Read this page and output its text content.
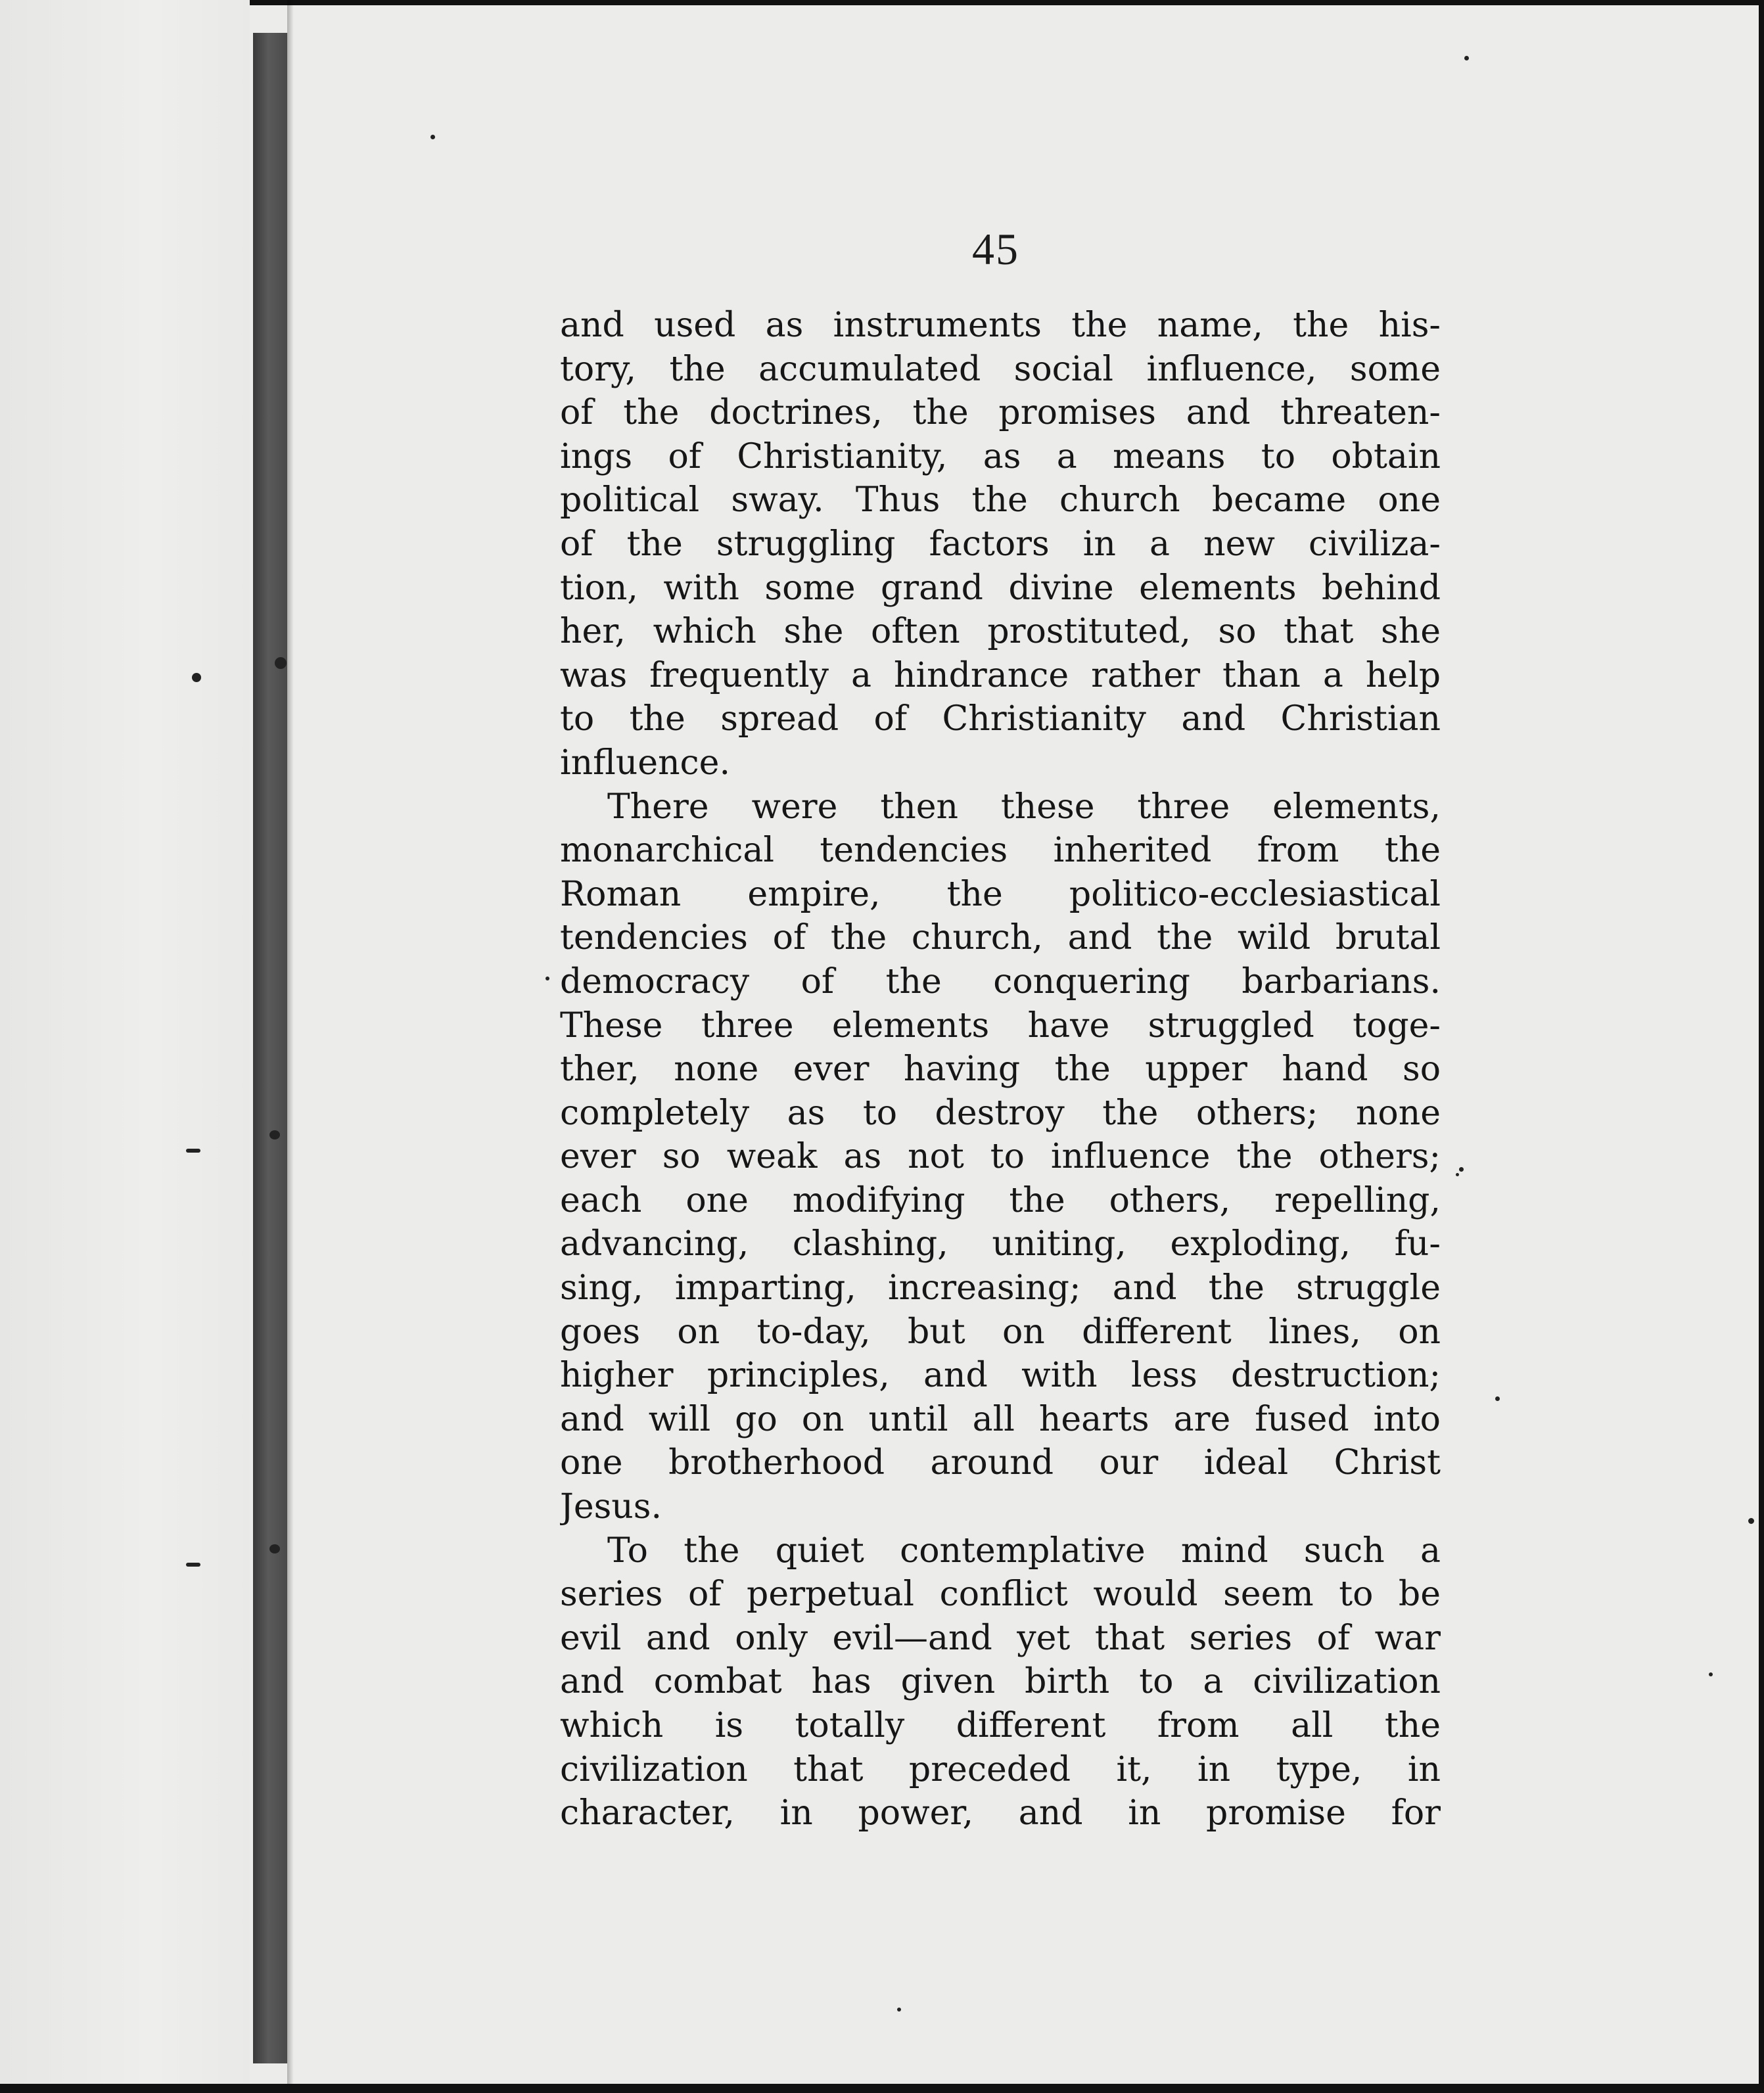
45
and used as instruments the name, the his-
tory, the accumulated social influence, some
of the doctrines, the promises and threaten-
ings of Christianity, as a means to obtain
political sway. Thus the church became one
of the struggling factors in a new civiliza-
tion, with some grand divine elements behind
her, which she often prostituted, so that she
was frequently a hindrance rather than a help
to the spread of Christianity and Christian
influence.
There were then these three elements,
monarchical tendencies inherited from the
Roman empire, the politico-ecclesiastical
tendencies of the church, and the wild brutal
democracy of the conquering barbarians.
These three elements have struggled toge-
ther, none ever having the upper hand so
completely as to destroy the others; none
ever so weak as not to influence the others;
each one modifying the others, repelling,
advancing, clashing, uniting, exploding, fu-
sing, imparting, increasing; and the struggle
goes on to-day, but on different lines, on
higher principles, and with less destruction;
and will go on until all hearts are fused into
one brotherhood around our ideal Christ
Jesus.
To the quiet contemplative mind such a
series of perpetual conflict would seem to be
evil and only evil—and yet that series of war
and combat has given birth to a civilization
which is totally different from all the
civilization that preceded it, in type, in
character, in power, and in promise for
